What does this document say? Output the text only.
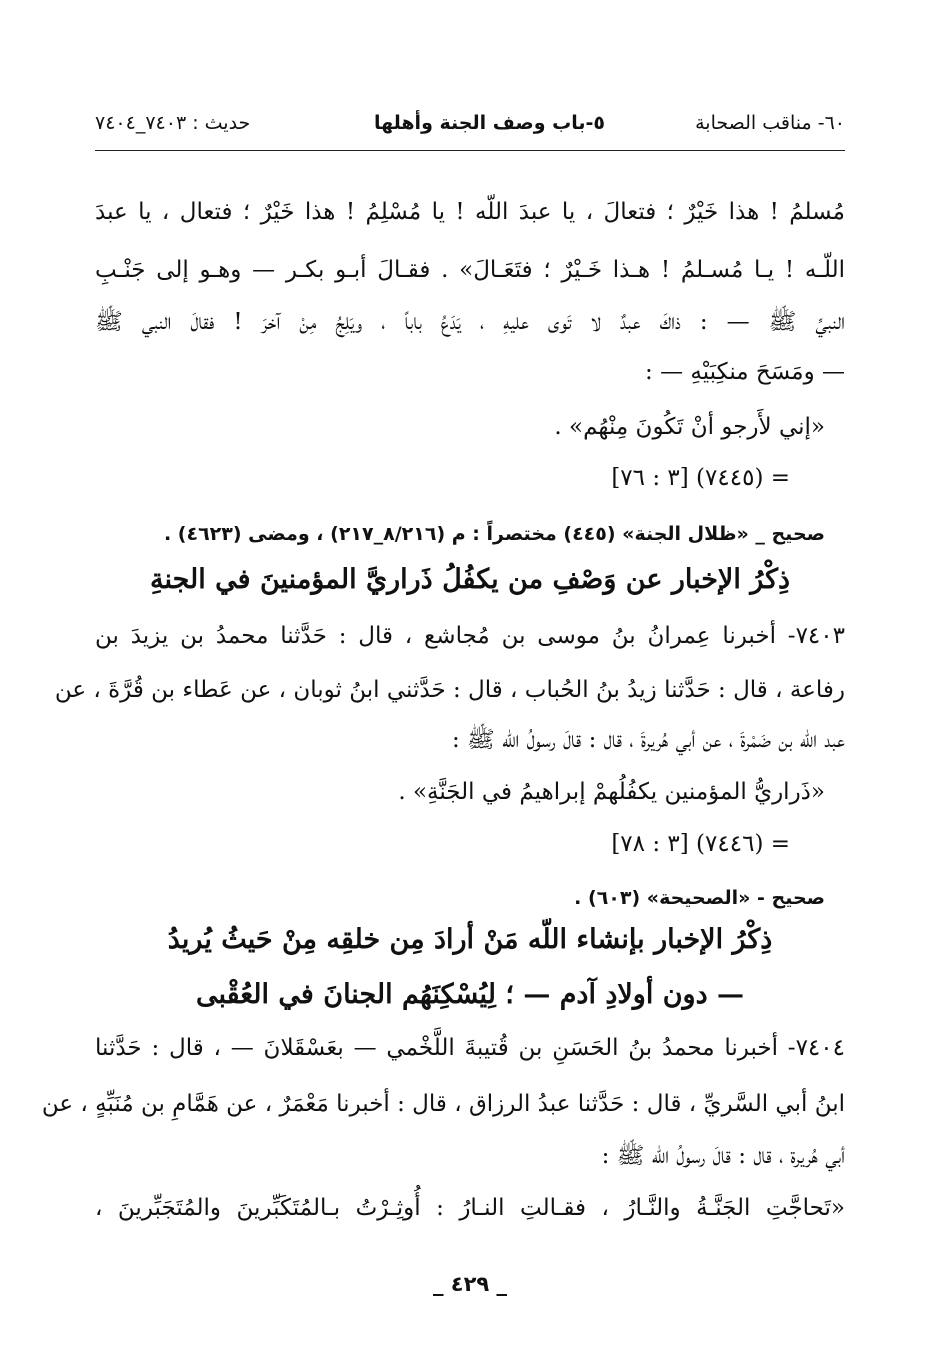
٦٠- مناقب الصحابة
٥-باب وصف الجنة وأهلها
حديث : ٧٤٠٣_٧٤٠٤
مُسلمُ ! هذا خَيْرٌ ؛ فتعالَ ، يا عبدَ اللّه ! يا مُسْلِمُ ! هذا خَيْرٌ ؛ فتعال ، يا عبدَ
اللّـه ! يـا مُسـلمُ ! هـذا خَـيْرٌ ؛ فتَعَـالَ» . فقـالَ أبـو بكـر — وهـو إلى جَنْـبِ
النبيِّ ﷺ — : ذاكَ عبدٌ لا تَوى عليهِ ، يَدَعُ باباً ، ويَلِجُ مِنْ آخرَ ! فقالَ النبي ﷺ
— ومَسَحَ منكِبَيْهِ — :
«إني لأَرجو أنْ تَكُونَ مِنْهُم» .
= (٧٤٤٥) [٣ : ٧٦]
صحيح _ «ظلال الجنة» (٤٤٥) مختصراً : م (٨/٢١٦_٢١٧) ، ومضى (٤٦٢٣) .
ذِكْرُ الإخبار عن وَصْفِ من يكفُلُ ذَراريَّ المؤمنينَ في الجنةِ
٧٤٠٣- أخبرنا عِمرانُ بنُ موسى بن مُجاشع ، قال : حَدَّثنا محمدُ بن يزيدَ بن
رفاعة ، قال : حَدَّثنا زيدُ بنُ الحُباب ، قال : حَدَّثني ابنُ ثوبان ، عن عَطاء بن قُرَّةَ ، عن
عبد اللّه بن ضَمْرةَ ، عن أبي هُريرةَ ، قال : قالَ رسولُ اللّه ﷺ :
«ذَراريُّ المؤمنين يكفُلُهمْ إبراهيمُ في الجَنَّةِ» .
= (٧٤٤٦) [٣ : ٧٨]
صحيح - «الصحيحة» (٦٠٣) .
ذِكْرُ الإخبار بإنشاء اللّه مَنْ أرادَ مِن خلقِه مِنْ حَيثُ يُريدُ
— دون أولادِ آدم — ؛ لِيُسْكِنَهُم الجنانَ في العُقْبى
٧٤٠٤- أخبرنا محمدُ بنُ الحَسَنِ بن قُتيبةَ اللَّخْمي — بعَسْقَلانَ — ، قال : حَدَّثنا
ابنُ أبي السَّريِّ ، قال : حَدَّثنا عبدُ الرزاق ، قال : أخبرنا مَعْمَرٌ ، عن هَمَّامِ بن مُنَبِّهٍ ، عن
أبي هُريرة ، قال : قالَ رسولُ اللّه ﷺ :
«تَحاجَّتِ الجَنَّـةُ والنَّـارُ ، فقـالتِ النـارُ : أُوثِـرْتُ بـالمُتَكَبِّرينَ والمُتَجَبِّرينَ ،
_ ٤٢٩ _
